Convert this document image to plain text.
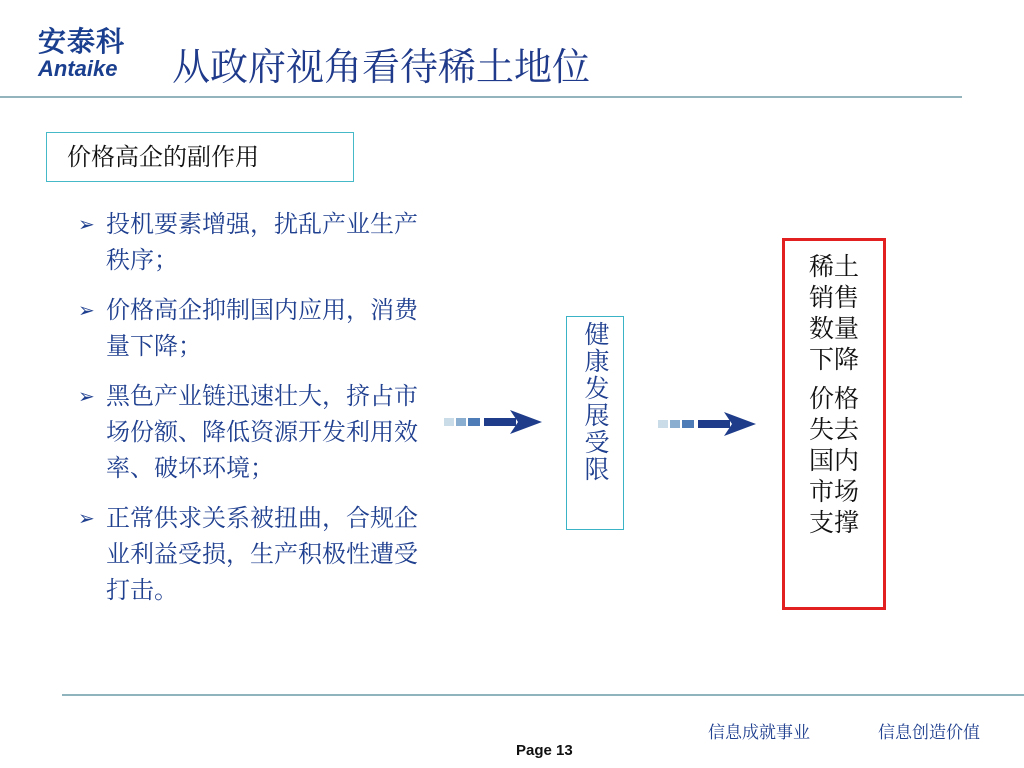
安泰科
Antaike 从政府视角看待稀土地位
价格高企的副作用
➢ 投机要素增强，扰乱产业生产秩序；
➢ 价格高企抑制国内应用，消费量下降；
➢ 黑色产业链迅速壮大，挤占市场份额、降低资源开发利用效率、破坏环境；
➢ 正常供求关系被扭曲，合规企业利益受损，生产积极性遭受打击。
健康发展受限
稀土销售数量下降
价格失去国内市场支撑
信息成就事业	信息创造价值
Page 13
